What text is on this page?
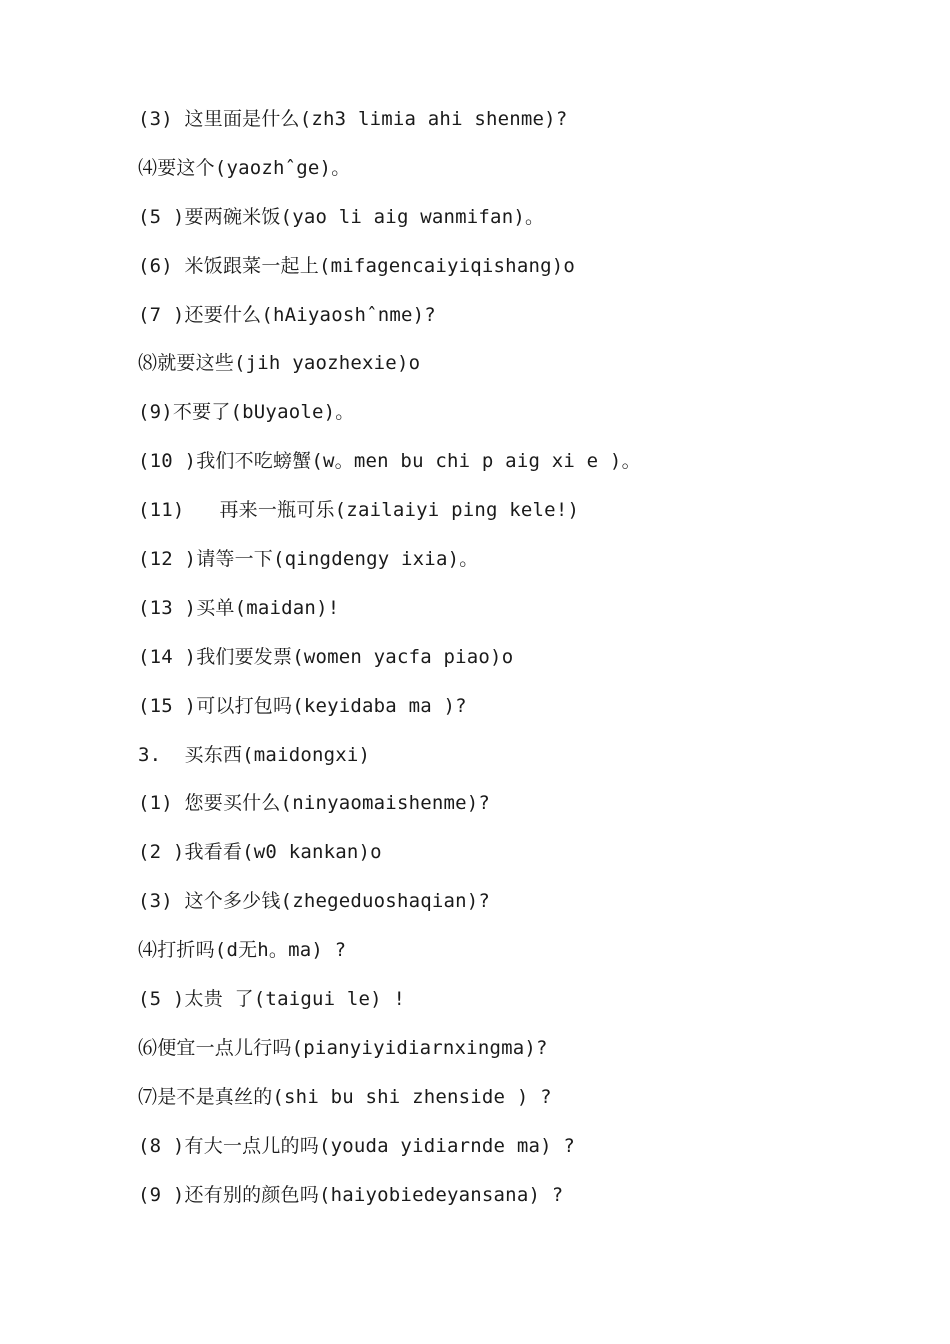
(3) 这里面是什么(zh3 limia ahi shenme)?
⑷要这个(yaozhˆge)。
(5 )要两碗米饭(yao li aig wanmifan)。
(6) 米饭跟菜一起上(mifagencaiyiqishang)o
(7 )还要什么(hAiyaoshˆnme)?
⑻就要这些(jih yaozhexie)o
(9)不要了(bUyaole)。
(10 )我们不吃螃蟹(w。men bu chi p aig xi e )。
(11)   再来一瓶可乐(zailaiyi ping kele!)
(12 )请等一下(qingdengy ixia)。
(13 )买单(maidan)!
(14 )我们要发票(women yacfa piao)o
(15 )可以打包吗(keyidaba ma )?
3.  买东西(maidongxi)
(1) 您要买什么(ninyaomaishenme)?
(2 )我看看(w0 kankan)o
(3) 这个多少钱(zhegeduoshaqian)?
⑷打折吗(d无h。ma) ?
(5 )太贵 了(taigui le) !
⑹便宜一点儿行吗(pianyiyidiarnxingma)?
⑺是不是真丝的(shi bu shi zhenside ) ?
(8 )有大一点儿的吗(youda yidiarnde ma) ?
(9 )还有别的颜色吗(haiyobiedeyansana) ?
